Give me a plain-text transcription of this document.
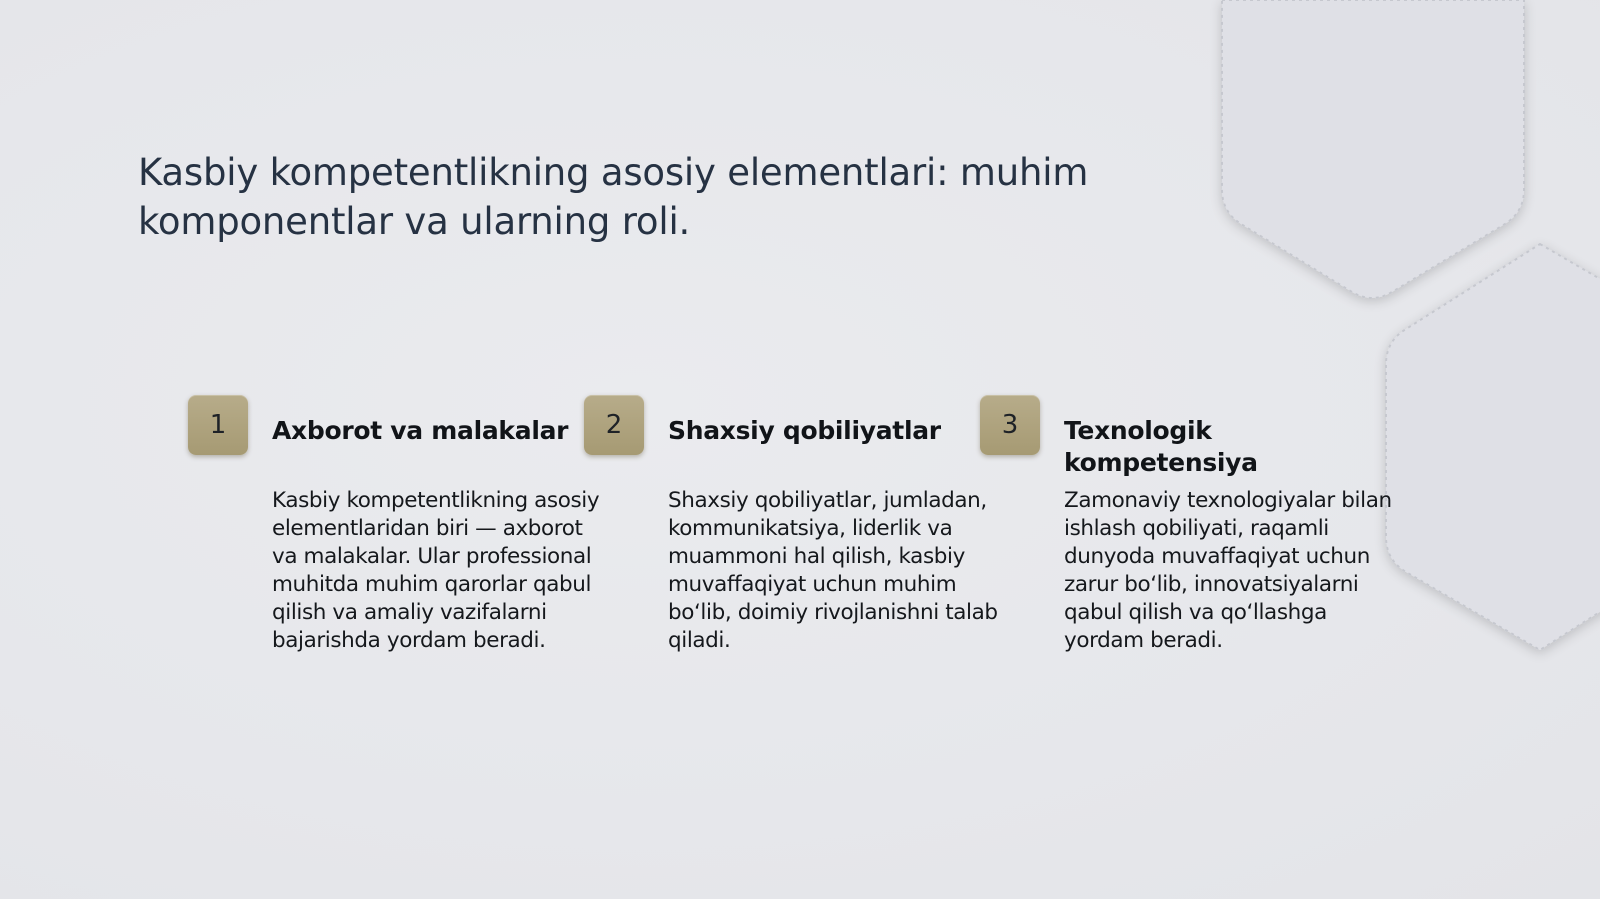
Kasbiy kompetentlikning asosiy elementlari: muhim komponentlar va ularning roli.
1	Axborot va malakalar

Kasbiy kompetentlikning asosiy elementlaridan biri — axborot va malakalar. Ular professional muhitda muhim qarorlar qabul qilish va amaliy vazifalarni bajarishda yordam beradi.

2	Shaxsiy qobiliyatlar

Shaxsiy qobiliyatlar, jumladan, kommunikatsiya, liderlik va muammoni hal qilish, kasbiy muvaffaqiyat uchun muhim bo‘lib, doimiy rivojlanishni talab qiladi.

3	Texnologik kompetensiya

Zamonaviy texnologiyalar bilan ishlash qobiliyati, raqamli dunyoda muvaffaqiyat uchun zarur bo‘lib, innovatsiyalarni qabul qilish va qo‘llashga yordam beradi.
